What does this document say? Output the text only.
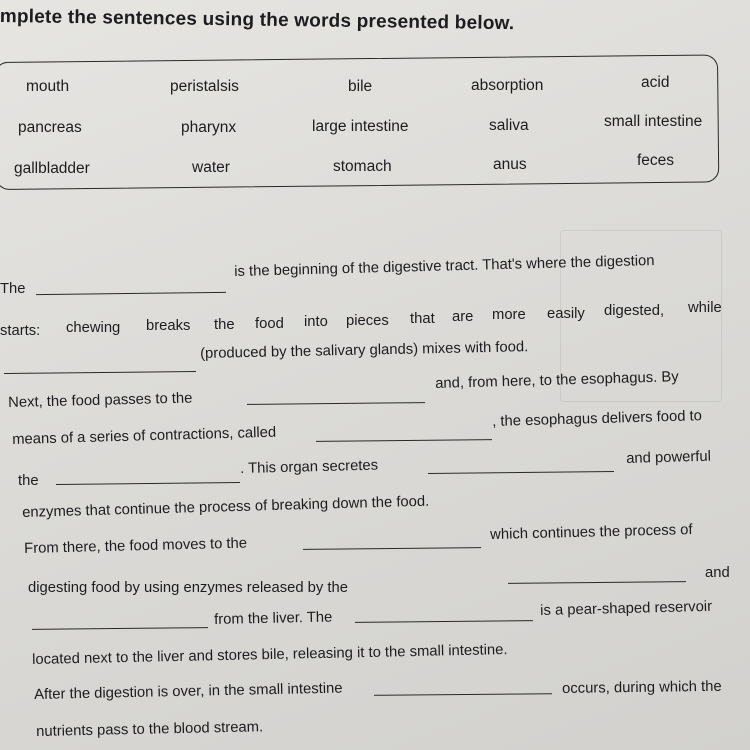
mplete the sentences using the words presented below.
mouth	peristalsis	bile	absorption	acid
pancreas	pharynx	large intestine	saliva	small intestine
gallbladder	water	stomach	anus	feces
The
is the beginning of the digestive tract. That's where the digestion
starts: chewing breaks the food into pieces that are more easily digested, while
(produced by the salivary glands) mixes with food.
Next, the food passes to the
and, from here, to the esophagus. By
means of a series of contractions, called
, the esophagus delivers food to
the
. This organ secretes	and powerful
enzymes that continue the process of breaking down the food.
From there, the food moves to the
which continues the process of
digesting food by using enzymes released by the
and
from the liver. The	is a pear-shaped reservoir
located next to the liver and stores bile, releasing it to the small intestine.
After the digestion is over, in the small intestine	occurs, during which the
nutrients pass to the blood stream.
